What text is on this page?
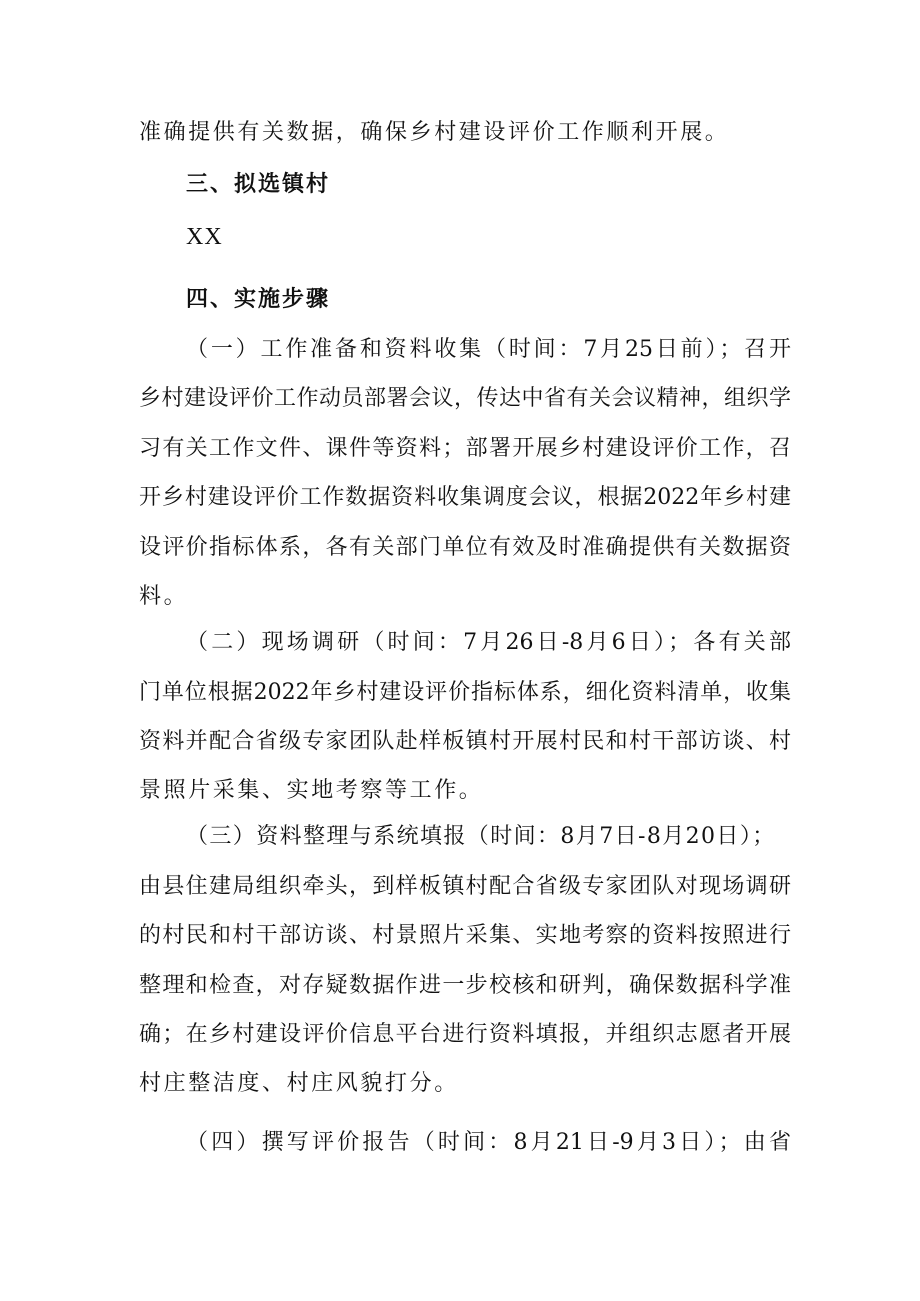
准确提供有关数据，确保乡村建设评价工作顺利开展。
三、拟选镇村
XX
四、实施步骤
（一）工作准备和资料收集（时间：7月25日前）；召开
乡村建设评价工作动员部署会议，传达中省有关会议精神，组织学
习有关工作文件、课件等资料；部署开展乡村建设评价工作，召
开乡村建设评价工作数据资料收集调度会议，根据2022年乡村建
设评价指标体系，各有关部门单位有效及时准确提供有关数据资
料。
（二）现场调研（时间：7月26日-8月6日）；各有关部
门单位根据2022年乡村建设评价指标体系，细化资料清单，收集
资料并配合省级专家团队赴样板镇村开展村民和村干部访谈、村
景照片采集、实地考察等工作。
（三）资料整理与系统填报（时间：8月7日-8月20日）；
由县住建局组织牵头，到样板镇村配合省级专家团队对现场调研
的村民和村干部访谈、村景照片采集、实地考察的资料按照进行
整理和检查，对存疑数据作进一步校核和研判，确保数据科学准
确；在乡村建设评价信息平台进行资料填报，并组织志愿者开展
村庄整洁度、村庄风貌打分。
（四）撰写评价报告（时间：8月21日-9月3日）；由省
